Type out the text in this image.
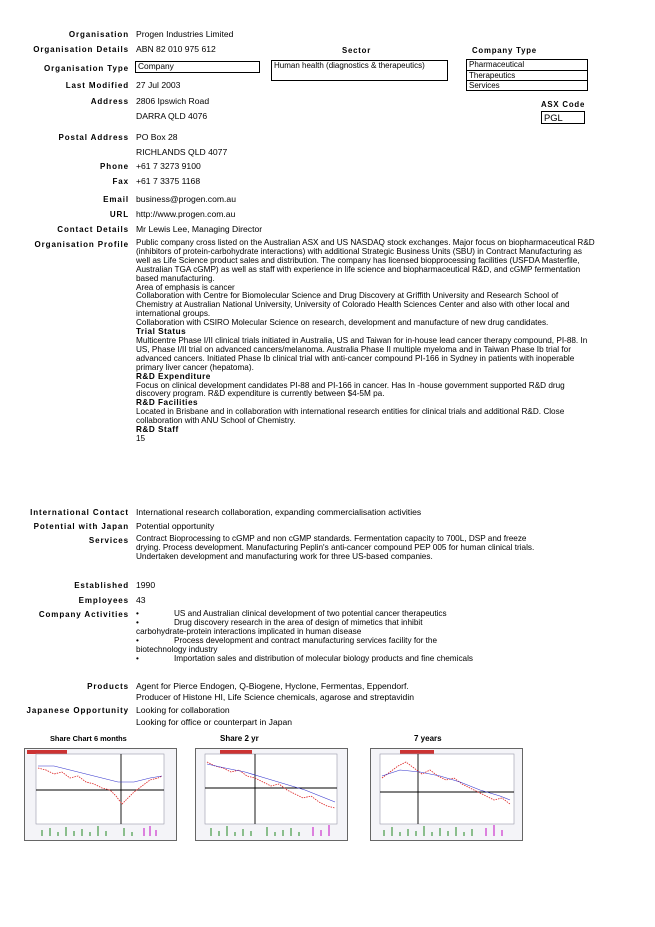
Organisation Progen Industries Limited
Organisation Details ABN 82 010 975 612
Organisation Type	Company
Last Modified 27 Jul 2003
Address 2806 Ipswich Road
DARRA QLD 4076
Sector
Human health (diagnostics & therapeutics)
Company Type
Pharmaceutical
Therapeutics
Services
ASX Code
PGL
Postal Address PO Box 28
RICHLANDS QLD 4077
Phone +61 7 3273 9100
Fax +61 7 3375 1168
Email business@progen.com.au
URL http://www.progen.com.au
Contact Details Mr Lewis Lee, Managing Director
Organisation Profile Public company cross listed on the Australian ASX and US NASDAQ stock exchanges. Major focus on biopharmaceutical R&D (inhibitors of protein-carbohydrate interactions) with additional Strategic Business Units (SBU) in Contract Manufacturing as well as Life Science product sales and distribution. The company has licensed biopprocessing facilities (USFDA Masterfile, Australian TGA cGMP) as well as staff with experience in life science and biopharmaceutical R&D, and cGMP fermentation based manufacturing.

Area of emphasis is cancer

Collaboration with Centre for Biomolecular Science and Drug Discovery at Griffith University and Research School of Chemistry at Australian National University, University of Colorado Health Sciences Center and also with other local and international groups.

Collaboration with CSIRO Molecular Science on research, development and manufacture of new drug candidates.

Trial Status

Multicentre Phase I/II clinical trials initiated in Australia, US and Taiwan for in-house lead cancer therapy compound, PI-88. In US, Phase I/II trial on advanced cancers/melanoma. Australia Phase II multiple myeloma and in Taiwan Phase Ib trial for advanced cancers. Initiated Phase Ib clinical trial with anti-cancer compound PI-166 in Sydney in patients with inoperable primary liver cancer (hepatoma).

R&D Expenditure

Focus on clinical development candidates PI-88 and PI-166 in cancer. Has In -house government supported R&D drug discovery program. R&D expenditure is currently between $4-5M pa.

R&D Facilities

Located in Brisbane and in collaboration with international research entities for clinical trials and additional R&D. Close collaboration with ANU School of Chemistry.

R&D Staff

15

International Contact International research collaboration, expanding commercialisation activities
Potential with Japan Potential opportunity
Services Contract Bioprocessing to cGMP and non cGMP standards. Fermentation capacity to 700L, DSP and freeze drying. Process development. Manufacturing Peplin's anti-cancer compound PEP 005 for human clinical trials. Undertaken development and manufacturing work for three US-based companies.
Established 1990
Employees 43
Company Activities •	US and Australian clinical development of two potential cancer therapeutics
•	Drug discovery research in the area of design of mimetics that inhibit
carbohydrate-protein interactions implicated in human disease
•	Process development and contract manufacturing services facility for the
biotechnology industry
•	Importation sales and distribution of molecular biology products and fine chemicals
Products Agent for Pierce Endogen, Q-Biogene, Hyclone, Fermentas, Eppendorf.
Producer of Histone HI, Life Science chemicals, agarose and streptavidin
Japanese Opportunity Looking for collaboration
Looking for office or counterpart in Japan
Share Chart 6 months	Share 2 yr	7 years
